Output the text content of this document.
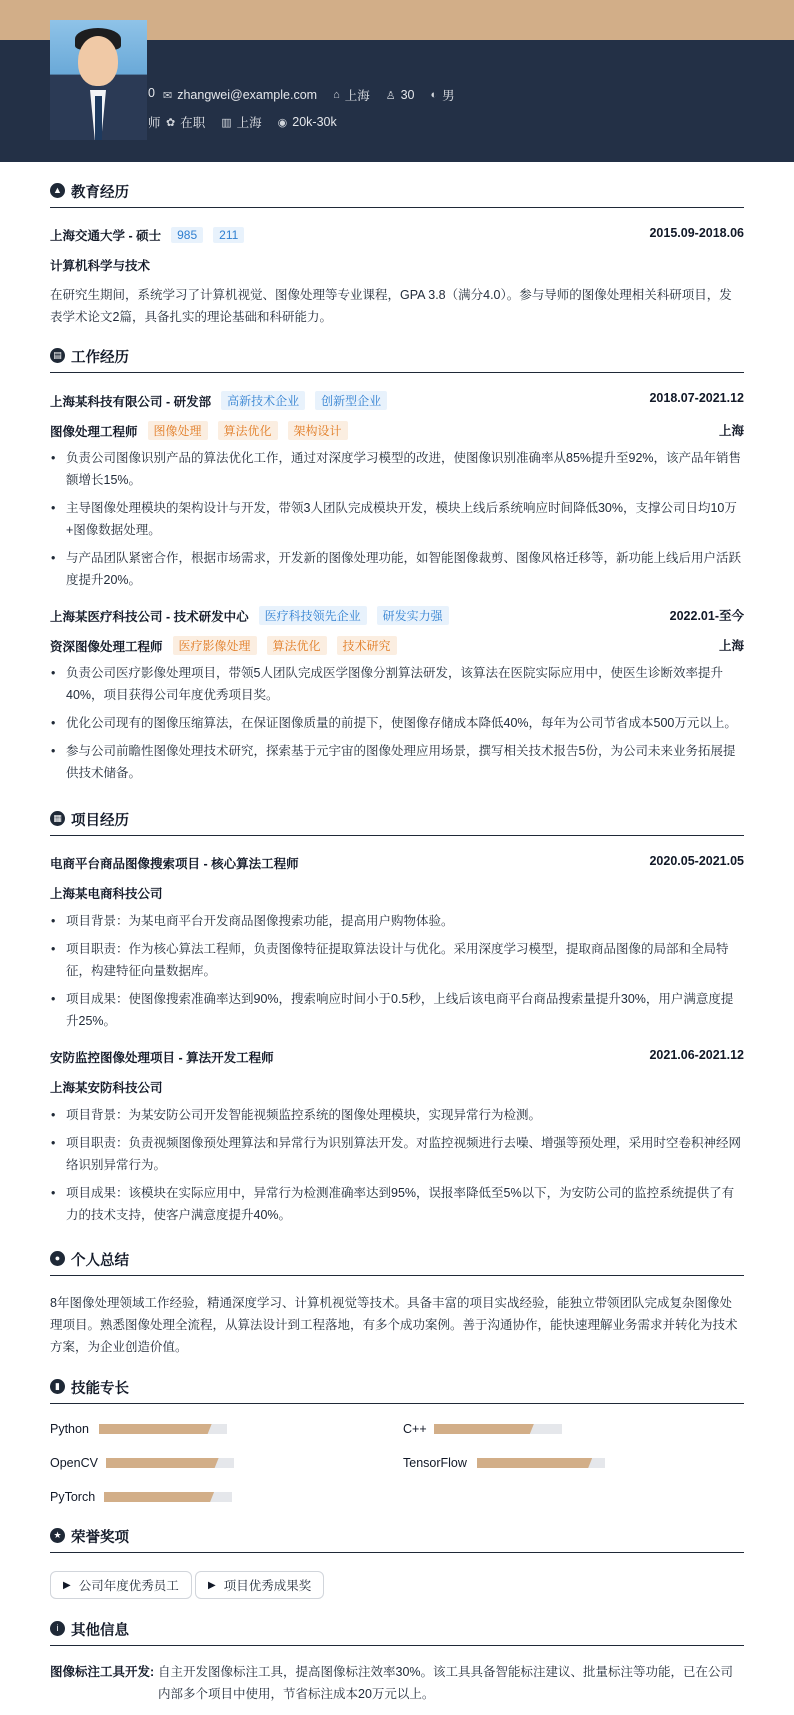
0 ✉ zhangwei@example.com ⌂ 上海 ♙ 30 ◐ 男
师 ✿ 在职 ▥ 上海 ◉ 20k-30k
▲ 教育经历
上海交通大学 - 硕士	985	211	2015.09-2018.06
计算机科学与技术
在研究生期间，系统学习了计算机视觉、图像处理等专业课程，GPA 3.8（满分4.0）。参与导师的图像处理相关科研项目，发表学术论文2篇，具备扎实的理论基础和科研能力。
▤ 工作经历
上海某科技有限公司 - 研发部	高新技术企业	创新型企业	2018.07-2021.12
图像处理工程师	图像处理	算法优化	架构设计	上海
• 负责公司图像识别产品的算法优化工作，通过对深度学习模型的改进，使图像识别准确率从85%提升至92%，该产品年销售额增长15%。
• 主导图像处理模块的架构设计与开发，带领3人团队完成模块开发，模块上线后系统响应时间降低30%，支撑公司日均10万+图像数据处理。
• 与产品团队紧密合作，根据市场需求，开发新的图像处理功能，如智能图像裁剪、图像风格迁移等，新功能上线后用户活跃度提升20%。
上海某医疗科技公司 - 技术研发中心	医疗科技领先企业	研发实力强	2022.01-至今
资深图像处理工程师	医疗影像处理	算法优化	技术研究	上海
• 负责公司医疗影像处理项目，带领5人团队完成医学图像分割算法研发，该算法在医院实际应用中，使医生诊断效率提升40%，项目获得公司年度优秀项目奖。
• 优化公司现有的图像压缩算法，在保证图像质量的前提下，使图像存储成本降低40%，每年为公司节省成本500万元以上。
• 参与公司前瞻性图像处理技术研究，探索基于元宇宙的图像处理应用场景，撰写相关技术报告5份，为公司未来业务拓展提供技术储备。
▦ 项目经历
电商平台商品图像搜索项目 - 核心算法工程师	2020.05-2021.05
上海某电商科技公司
• 项目背景：为某电商平台开发商品图像搜索功能，提高用户购物体验。
• 项目职责：作为核心算法工程师，负责图像特征提取算法设计与优化。采用深度学习模型，提取商品图像的局部和全局特征，构建特征向量数据库。
• 项目成果：使图像搜索准确率达到90%，搜索响应时间小于0.5秒，上线后该电商平台商品搜索量提升30%，用户满意度提升25%。
安防监控图像处理项目 - 算法开发工程师	2021.06-2021.12
上海某安防科技公司
• 项目背景：为某安防公司开发智能视频监控系统的图像处理模块，实现异常行为检测。
• 项目职责：负责视频图像预处理算法和异常行为识别算法开发。对监控视频进行去噪、增强等预处理，采用时空卷积神经网络识别异常行为。
• 项目成果：该模块在实际应用中，异常行为检测准确率达到95%，误报率降低至5%以下，为安防公司的监控系统提供了有力的技术支持，使客户满意度提升40%。
● 个人总结
8年图像处理领域工作经验，精通深度学习、计算机视觉等技术。具备丰富的项目实战经验，能独立带领团队完成复杂图像处理项目。熟悉图像处理全流程，从算法设计到工程落地，有多个成功案例。善于沟通协作，能快速理解业务需求并转化为技术方案，为企业创造价值。
▮ 技能专长
Python	C++
OpenCV	TensorFlow
PyTorch
★ 荣誉奖项
▶ 公司年度优秀员工	▶ 项目优秀成果奖
i 其他信息
图像标注工具开发: 自主开发图像标注工具，提高图像标注效率30%。该工具具备智能标注建议、批量标注等功能，已在公司内部多个项目中使用，节省标注成本20万元以上。
